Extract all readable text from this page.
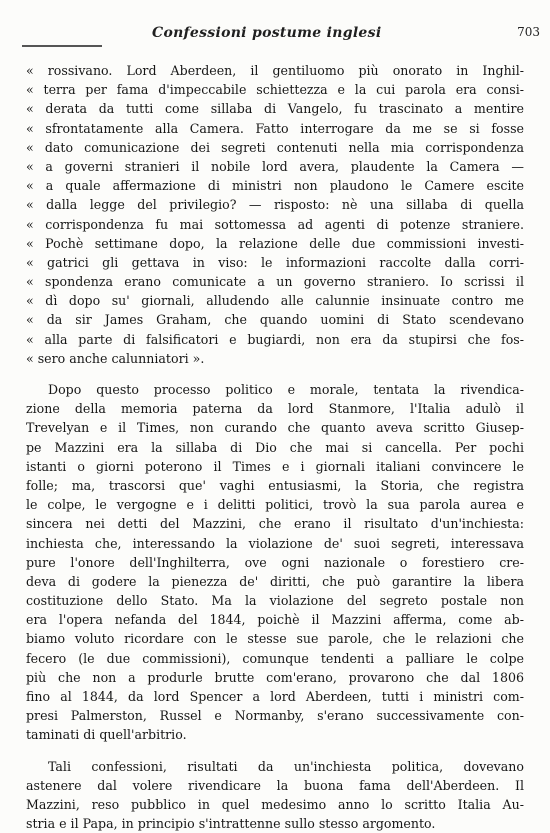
Confessioni postume inglesi	703
« rossivano. Lord Aberdeen, il gentiluomo più onorato in Inghil-
« terra per fama d'impeccabile schiettezza e la cui parola era consi-
« derata da tutti come sillaba di Vangelo, fu trascinato a mentire
« sfrontatamente alla Camera. Fatto interrogare da me se si fosse
« dato comunicazione dei segreti contenuti nella mia corrispondenza
« a governi stranieri il nobile lord avera, plaudente la Camera —
« a quale affermazione di ministri non plaudono le Camere escite
« dalla legge del privilegio? — risposto: nè una sillaba di quella
« corrispondenza fu mai sottomessa ad agenti di potenze straniere.
« Pochè settimane dopo, la relazione delle due commissioni investi-
« gatrici gli gettava in viso: le informazioni raccolte dalla corri-
« spondenza erano comunicate a un governo straniero. Io scrissi il
« dì dopo su' giornali, alludendo alle calunnie insinuate contro me
« da sir James Graham, che quando uomini di Stato scendevano
« alla parte di falsificatori e bugiardi, non era da stupirsi che fos-
« sero anche calunniatori ».
Dopo questo processo politico e morale, tentata la rivendica-
zione della memoria paterna da lord Stanmore, l'Italia adulò il
Trevelyan e il Times, non curando che quanto aveva scritto Giusep-
pe Mazzini era la sillaba di Dio che mai si cancella. Per pochi
istanti o giorni poterono il Times e i giornali italiani convincere le
folle; ma, trascorsi que' vaghi entusiasmi, la Storia, che registra
le colpe, le vergogne e i delitti politici, trovò la sua parola aurea e
sincera nei detti del Mazzini, che erano il risultato d'un'inchiesta:
inchiesta che, interessando la violazione de' suoi segreti, interessava
pure l'onore dell'Inghilterra, ove ogni nazionale o forestiero cre-
deva di godere la pienezza de' diritti, che può garantire la libera
costituzione dello Stato. Ma la violazione del segreto postale non
era l'opera nefanda del 1844, poichè il Mazzini afferma, come ab-
biamo voluto ricordare con le stesse sue parole, che le relazioni che
fecero (le due commissioni), comunque tendenti a palliare le colpe
più che non a produrle brutte com'erano, provarono che dal 1806
fino al 1844, da lord Spencer a lord Aberdeen, tutti i ministri com-
presi Palmerston, Russel e Normanby, s'erano successivamente con-
taminati di quell'arbitrio.
Tali confessioni, risultati da un'inchiesta politica, dovevano
astenere dal volere rivendicare la buona fama dell'Aberdeen. Il
Mazzini, reso pubblico in quel medesimo anno lo scritto Italia Au-
stria e il Papa, in principio s'intrattenne sullo stesso argomento.
